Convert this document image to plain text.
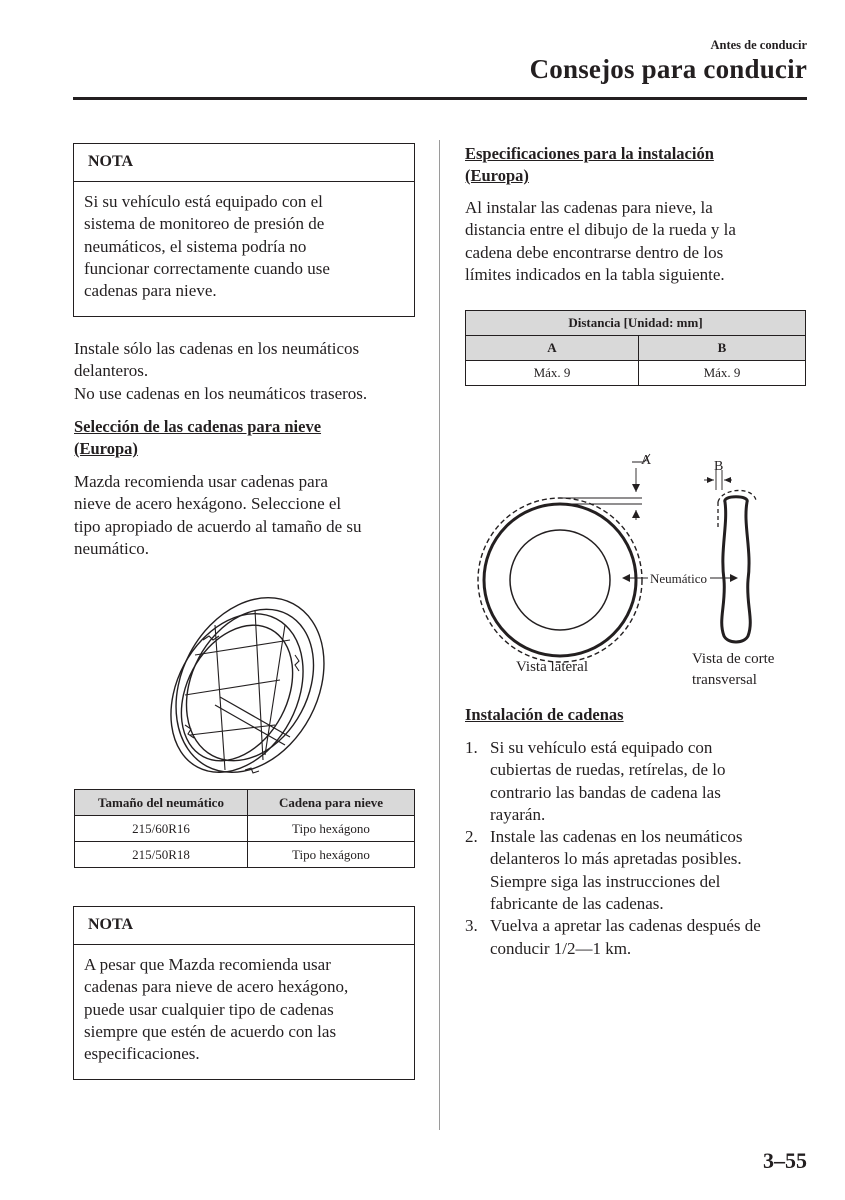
Antes de conducir
Consejos para conducir
NOTA
Si su vehículo está equipado con el
sistema de monitoreo de presión de
neumáticos, el sistema podría no
funcionar correctamente cuando use
cadenas para nieve.
Instale sólo las cadenas en los neumáticos
delanteros.
No use cadenas en los neumáticos traseros.
Selección de las cadenas para nieve
(Europa)
Mazda recomienda usar cadenas para
nieve de acero hexágono. Seleccione el
tipo apropiado de acuerdo al tamaño de su
neumático.
Tamaño del neumático	Cadena para nieve
215/60R16	Tipo hexágono
215/50R18	Tipo hexágono
NOTA
A pesar que Mazda recomienda usar
cadenas para nieve de acero hexágono,
puede usar cualquier tipo de cadenas
siempre que estén de acuerdo con las
especificaciones.
Especificaciones para la instalación
(Europa)
Al instalar las cadenas para nieve, la
distancia entre el dibujo de la rueda y la
cadena debe encontrarse dentro de los
límites indicados en la tabla siguiente.
Distancia [Unidad: mm]	
A	B
Máx. 9	Máx. 9
A	B
Neumático
Vista lateral	Vista de corte
transversal
Instalación de cadenas
1. Si su vehículo está equipado con
cubiertas de ruedas, retírelas, de lo
contrario las bandas de cadena las
rayarán.
2. Instale las cadenas en los neumáticos
delanteros lo más apretadas posibles.
Siempre siga las instrucciones del
fabricante de las cadenas.
3. Vuelva a apretar las cadenas después de
conducir 1/2—1 km.
3–55
